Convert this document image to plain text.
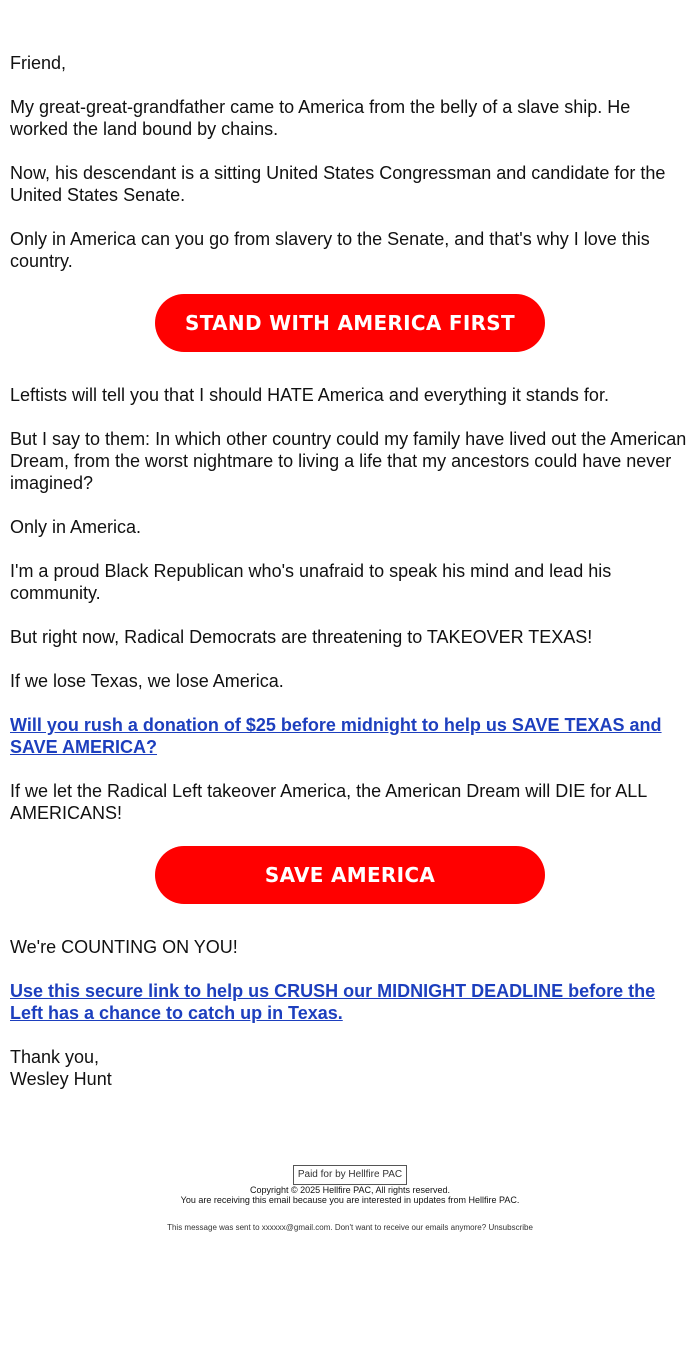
Friend,

My great-great-grandfather came to America from the belly of a slave ship. He worked the land bound by chains.

Now, his descendant is a sitting United States Congressman and candidate for the United States Senate.

Only in America can you go from slavery to the Senate, and that's why I love this country.

STAND WITH AMERICA FIRST

Leftists will tell you that I should HATE America and everything it stands for.

But I say to them: In which other country could my family have lived out the American Dream, from the worst nightmare to living a life that my ancestors could have never imagined?

Only in America.

I'm a proud Black Republican who's unafraid to speak his mind and lead his community.

But right now, Radical Democrats are threatening to TAKEOVER TEXAS!

If we lose Texas, we lose America.

Will you rush a donation of $25 before midnight to help us SAVE TEXAS and SAVE AMERICA?

If we let the Radical Left takeover America, the American Dream will DIE for ALL AMERICANS!

SAVE AMERICA

We're COUNTING ON YOU!

Use this secure link to help us CRUSH our MIDNIGHT DEADLINE before the Left has a chance to catch up in Texas.

Thank you,

Wesley Hunt

Paid for by Hellfire PAC
Copyright © 2025 Hellfire PAC, All rights reserved.
You are receiving this email because you are interested in updates from Hellfire PAC.
This message was sent to xxxxxx@gmail.com. Don't want to receive our emails anymore? Unsubscribe
